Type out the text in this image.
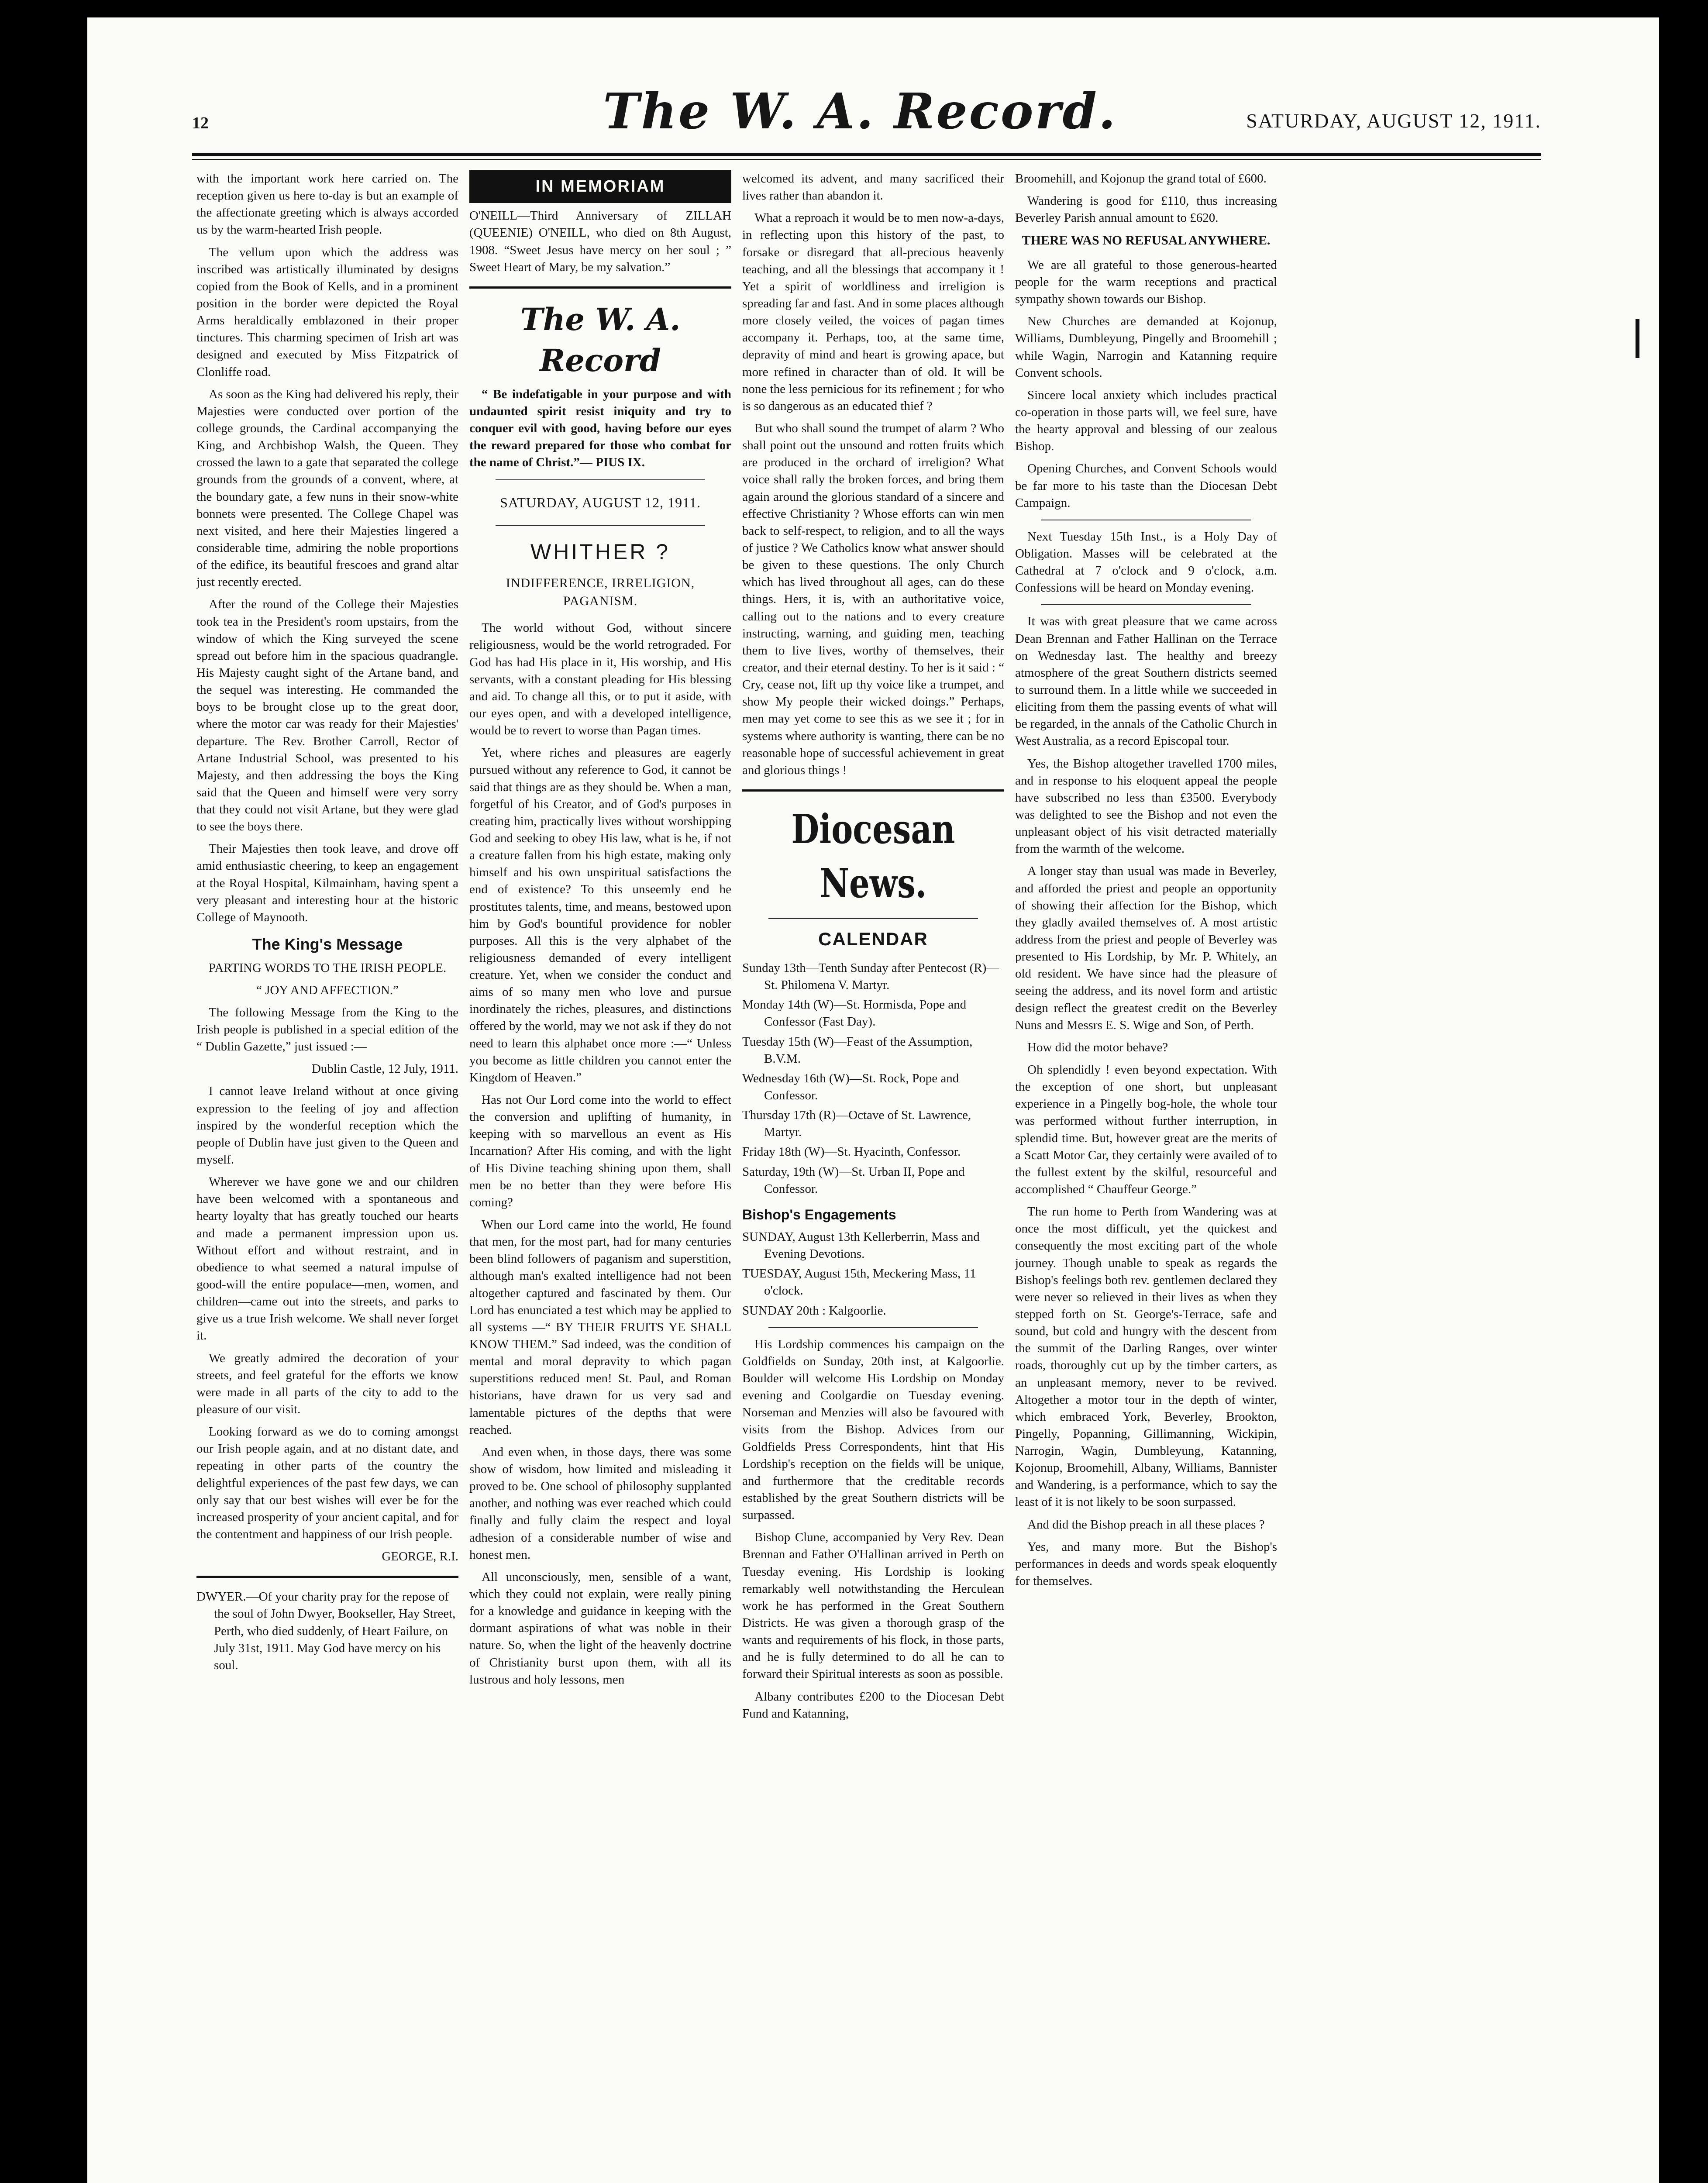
12	The W. A. Record.	SATURDAY, AUGUST 12, 1911.

with the important work here carried on. The reception given us here to-day is but an example of the affectionate greeting which is always accorded us by the warm-hearted Irish people.

The vellum upon which the address was inscribed was artistically illuminated by designs copied from the Book of Kells, and in a prominent position in the border were depicted the Royal Arms heraldically emblazoned in their proper tinctures. This charming specimen of Irish art was designed and executed by Miss Fitzpatrick of Clonliffe road.

As soon as the King had delivered his reply, their Majesties were conducted over portion of the college grounds, the Cardinal accompanying the King, and Archbishop Walsh, the Queen. They crossed the lawn to a gate that separated the college grounds from the grounds of a convent, where, at the boundary gate, a few nuns in their snow-white bonnets were presented. The College Chapel was next visited, and here their Majesties lingered a considerable time, admiring the noble proportions of the edifice, its beautiful frescoes and grand altar just recently erected.

After the round of the College their Majesties took tea in the President's room upstairs, from the window of which the King surveyed the scene spread out before him in the spacious quadrangle. His Majesty caught sight of the Artane band, and the sequel was interesting. He commanded the boys to be brought close up to the great door, where the motor car was ready for their Majesties' departure. The Rev. Brother Carroll, Rector of Artane Industrial School, was presented to his Majesty, and then addressing the boys the King said that the Queen and himself were very sorry that they could not visit Artane, but they were glad to see the boys there.

Their Majesties then took leave, and drove off amid enthusiastic cheering, to keep an engagement at the Royal Hospital, Kilmainham, having spent a very pleasant and interesting hour at the historic College of Maynooth.

The King's Message

PARTING WORDS TO THE IRISH PEOPLE.

“ JOY AND AFFECTION.”

The following Message from the King to the Irish people is published in a special edition of the “ Dublin Gazette,” just issued :—

Dublin Castle, 12 July, 1911.

I cannot leave Ireland without at once giving expression to the feeling of joy and affection inspired by the wonderful reception which the people of Dublin have just given to the Queen and myself.

Wherever we have gone we and our children have been welcomed with a spontaneous and hearty loyalty that has greatly touched our hearts and made a permanent impression upon us. Without effort and without restraint, and in obedience to what seemed a natural impulse of good-will the entire populace—men, women, and children—came out into the streets, and parks to give us a true Irish welcome. We shall never forget it.

We greatly admired the decoration of your streets, and feel grateful for the efforts we know were made in all parts of the city to add to the pleasure of our visit.

Looking forward as we do to coming amongst our Irish people again, and at no distant date, and repeating in other parts of the country the delightful experiences of the past few days, we can only say that our best wishes will ever be for the increased prosperity of your ancient capital, and for the contentment and happiness of our Irish people.

GEORGE, R.I.

DWYER.—Of your charity pray for the repose of the soul of John Dwyer, Bookseller, Hay Street, Perth, who died suddenly, of Heart Failure, on July 31st, 1911. May God have mercy on his soul.

IN MEMORIAM

O'NEILL—Third Anniversary of ZILLAH (QUEENIE) O'NEILL, who died on 8th August, 1908. “Sweet Jesus have mercy on her soul ; ” Sweet Heart of Mary, be my salvation.”

The W. A. Record

“ Be indefatigable in your purpose and with undaunted spirit resist iniquity and try to conquer evil with good, having before our eyes the reward prepared for those who combat for the name of Christ.”— PIUS IX.

SATURDAY, AUGUST 12, 1911.
WHITHER ?
INDIFFERENCE, IRRELIGION, PAGANISM.

The world without God, without sincere religiousness, would be the world retrograded. For God has had His place in it, His worship, and His servants, with a constant pleading for His blessing and aid. To change all this, or to put it aside, with our eyes open, and with a developed intelligence, would be to revert to worse than Pagan times.

Yet, where riches and pleasures are eagerly pursued without any reference to God, it cannot be said that things are as they should be. When a man, forgetful of his Creator, and of God's purposes in creating him, practically lives without worshipping God and seeking to obey His law, what is he, if not a creature fallen from his high estate, making only himself and his own unspiritual satisfactions the end of existence? To this unseemly end he prostitutes talents, time, and means, bestowed upon him by God's bountiful providence for nobler purposes. All this is the very alphabet of the religiousness demanded of every intelligent creature. Yet, when we consider the conduct and aims of so many men who love and pursue inordinately the riches, pleasures, and distinctions offered by the world, may we not ask if they do not need to learn this alphabet once more :—“ Unless you become as little children you cannot enter the Kingdom of Heaven.”

Has not Our Lord come into the world to effect the conversion and uplifting of humanity, in keeping with so marvellous an event as His Incarnation? After His coming, and with the light of His Divine teaching shining upon them, shall men be no better than they were before His coming?

When our Lord came into the world, He found that men, for the most part, had for many centuries been blind followers of paganism and superstition, although man's exalted intelligence had not been altogether captured and fascinated by them. Our Lord has enunciated a test which may be applied to all systems —“ BY THEIR FRUITS YE SHALL KNOW THEM.” Sad indeed, was the condition of mental and moral depravity to which pagan superstitions reduced men! St. Paul, and Roman historians, have drawn for us very sad and lamentable pictures of the depths that were reached.

And even when, in those days, there was some show of wisdom, how limited and misleading it proved to be. One school of philosophy supplanted another, and nothing was ever reached which could finally and fully claim the respect and loyal adhesion of a considerable number of wise and honest men.

All unconsciously, men, sensible of a want, which they could not explain, were really pining for a knowledge and guidance in keeping with the dormant aspirations of what was noble in their nature. So, when the light of the heavenly doctrine of Christianity burst upon them, with all its lustrous and holy lessons, men

welcomed its advent, and many sacrificed their lives rather than abandon it.

What a reproach it would be to men now-a-days, in reflecting upon this history of the past, to forsake or disregard that all-precious heavenly teaching, and all the blessings that accompany it ! Yet a spirit of worldliness and irreligion is spreading far and fast. And in some places although more closely veiled, the voices of pagan times accompany it. Perhaps, too, at the same time, depravity of mind and heart is growing apace, but more refined in character than of old. It will be none the less pernicious for its refinement ; for who is so dangerous as an educated thief ?

But who shall sound the trumpet of alarm ? Who shall point out the unsound and rotten fruits which are produced in the orchard of irreligion? What voice shall rally the broken forces, and bring them again around the glorious standard of a sincere and effective Christianity ? Whose efforts can win men back to self-respect, to religion, and to all the ways of justice ? We Catholics know what answer should be given to these questions. The only Church which has lived throughout all ages, can do these things. Hers, it is, with an authoritative voice, calling out to the nations and to every creature instructing, warning, and guiding men, teaching them to live lives, worthy of themselves, their creator, and their eternal destiny. To her is it said : “ Cry, cease not, lift up thy voice like a trumpet, and show My people their wicked doings.” Perhaps, men may yet come to see this as we see it ; for in systems where authority is wanting, there can be no reasonable hope of successful achievement in great and glorious things !

Diocesan News.
CALENDAR
Sunday 13th—Tenth Sunday after Pentecost (R)—St. Philomena V. Martyr.
Monday 14th (W)—St. Hormisda, Pope and Confessor (Fast Day).
Tuesday 15th (W)—Feast of the Assumption, B.V.M.
Wednesday 16th (W)—St. Rock, Pope and Confessor.
Thursday 17th (R)—Octave of St. Lawrence, Martyr.
Friday 18th (W)—St. Hyacinth, Confessor.
Saturday, 19th (W)—St. Urban II, Pope and Confessor.
Bishop's Engagements
SUNDAY, August 13th Kellerberrin, Mass and Evening Devotions.
TUESDAY, August 15th, Meckering Mass, 11 o'clock.
SUNDAY 20th : Kalgoorlie.

His Lordship commences his campaign on the Goldfields on Sunday, 20th inst, at Kalgoorlie. Boulder will welcome His Lordship on Monday evening and Coolgardie on Tuesday evening. Norseman and Menzies will also be favoured with visits from the Bishop. Advices from our Goldfields Press Correspondents, hint that His Lordship's reception on the fields will be unique, and furthermore that the creditable records established by the great Southern districts will be surpassed.

Bishop Clune, accompanied by Very Rev. Dean Brennan and Father O'Hallinan arrived in Perth on Tuesday evening. His Lordship is looking remarkably well notwithstanding the Herculean work he has performed in the Great Southern Districts. He was given a thorough grasp of the wants and requirements of his flock, in those parts, and he is fully determined to do all he can to forward their Spiritual interests as soon as possible.

Albany contributes £200 to the Diocesan Debt Fund and Katanning,

Broomehill, and Kojonup the grand total of £600.

Wandering is good for £110, thus increasing Beverley Parish annual amount to £620.

THERE WAS NO REFUSAL ANYWHERE.

We are all grateful to those generous-hearted people for the warm receptions and practical sympathy shown towards our Bishop.

New Churches are demanded at Kojonup, Williams, Dumbleyung, Pingelly and Broomehill ; while Wagin, Narrogin and Katanning require Convent schools.

Sincere local anxiety which includes practical co-operation in those parts will, we feel sure, have the hearty approval and blessing of our zealous Bishop.

Opening Churches, and Convent Schools would be far more to his taste than the Diocesan Debt Campaign.

Next Tuesday 15th Inst., is a Holy Day of Obligation. Masses will be celebrated at the Cathedral at 7 o'clock and 9 o'clock, a.m. Confessions will be heard on Monday evening.

It was with great pleasure that we came across Dean Brennan and Father Hallinan on the Terrace on Wednesday last. The healthy and breezy atmosphere of the great Southern districts seemed to surround them. In a little while we succeeded in eliciting from them the passing events of what will be regarded, in the annals of the Catholic Church in West Australia, as a record Episcopal tour.

Yes, the Bishop altogether travelled 1700 miles, and in response to his eloquent appeal the people have subscribed no less than £3500. Everybody was delighted to see the Bishop and not even the unpleasant object of his visit detracted materially from the warmth of the welcome.

A longer stay than usual was made in Beverley, and afforded the priest and people an opportunity of showing their affection for the Bishop, which they gladly availed themselves of. A most artistic address from the priest and people of Beverley was presented to His Lordship, by Mr. P. Whitely, an old resident. We have since had the pleasure of seeing the address, and its novel form and artistic design reflect the greatest credit on the Beverley Nuns and Messrs E. S. Wige and Son, of Perth.

How did the motor behave?

Oh splendidly ! even beyond expectation. With the exception of one short, but unpleasant experience in a Pingelly bog-hole, the whole tour was performed without further interruption, in splendid time. But, however great are the merits of a Scatt Motor Car, they certainly were availed of to the fullest extent by the skilful, resourceful and accomplished “ Chauffeur George.”

The run home to Perth from Wandering was at once the most difficult, yet the quickest and consequently the most exciting part of the whole journey. Though unable to speak as regards the Bishop's feelings both rev. gentlemen declared they were never so relieved in their lives as when they stepped forth on St. George's-Terrace, safe and sound, but cold and hungry with the descent from the summit of the Darling Ranges, over winter roads, thoroughly cut up by the timber carters, as an unpleasant memory, never to be revived. Altogether a motor tour in the depth of winter, which embraced York, Beverley, Brookton, Pingelly, Popanning, Gillimanning, Wickipin, Narrogin, Wagin, Dumbleyung, Katanning, Kojonup, Broomehill, Albany, Williams, Bannister and Wandering, is a performance, which to say the least of it is not likely to be soon surpassed.

And did the Bishop preach in all these places ?

Yes, and many more. But the Bishop's performances in deeds and words speak eloquently for themselves.
